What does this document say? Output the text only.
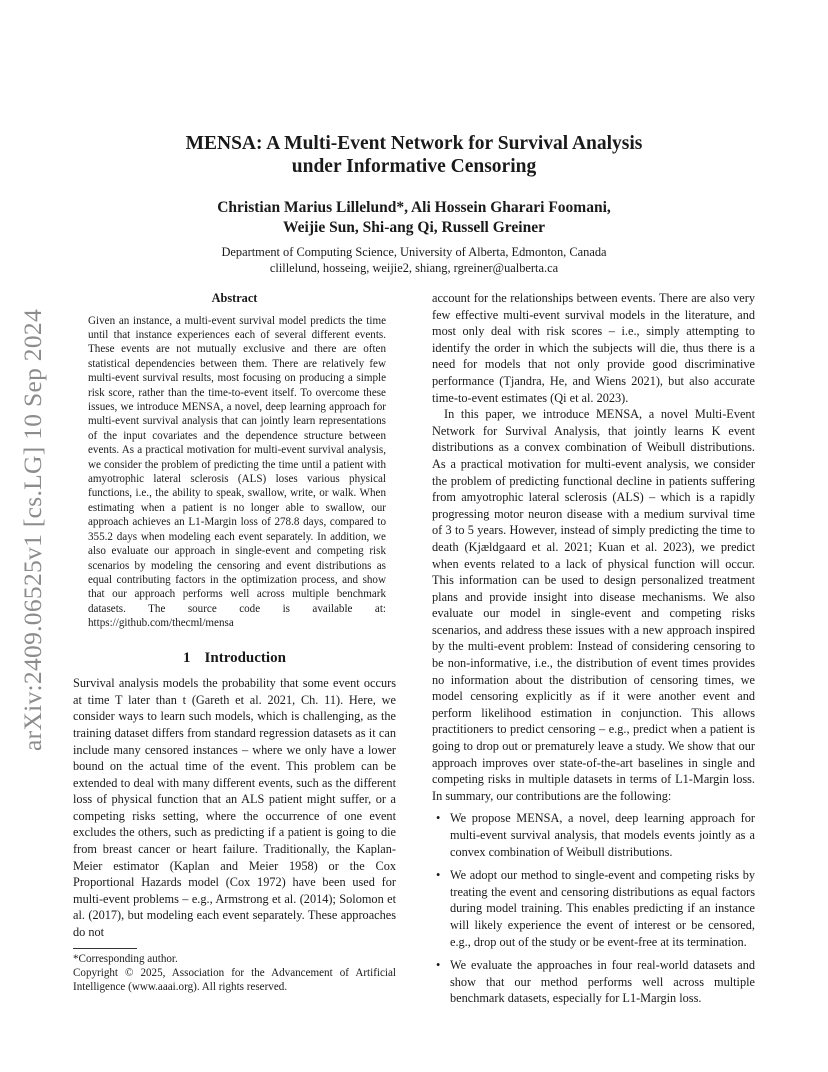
arXiv:2409.06525v1 [cs.LG] 10 Sep 2024
MENSA: A Multi-Event Network for Survival Analysis
under Informative Censoring
Christian Marius Lillelund*, Ali Hossein Gharari Foomani,
Weijie Sun, Shi-ang Qi, Russell Greiner
Department of Computing Science, University of Alberta, Edmonton, Canada
clillelund, hosseing, weijie2, shiang, rgreiner@ualberta.ca
Abstract

Given an instance, a multi-event survival model predicts the time until that instance experiences each of several different events. These events are not mutually exclusive and there are often statistical dependencies between them. There are relatively few multi-event survival results, most focusing on producing a simple risk score, rather than the time-to-event itself. To overcome these issues, we introduce MENSA, a novel, deep learning approach for multi-event survival analysis that can jointly learn representations of the input covariates and the dependence structure between events. As a practical motivation for multi-event survival analysis, we consider the problem of predicting the time until a patient with amyotrophic lateral sclerosis (ALS) loses various physical functions, i.e., the ability to speak, swallow, write, or walk. When estimating when a patient is no longer able to swallow, our approach achieves an L1-Margin loss of 278.8 days, compared to 355.2 days when modeling each event separately. In addition, we also evaluate our approach in single-event and competing risk scenarios by modeling the censoring and event distributions as equal contributing factors in the optimization process, and show that our approach performs well across multiple benchmark datasets. The source code is available at: https://github.com/thecml/mensa

1 Introduction

Survival analysis models the probability that some event occurs at time T later than t (Gareth et al. 2021, Ch. 11). Here, we consider ways to learn such models, which is challenging, as the training dataset differs from standard regression datasets as it can include many censored instances – where we only have a lower bound on the actual time of the event. This problem can be extended to deal with many different events, such as the different loss of physical function that an ALS patient might suffer, or a competing risks setting, where the occurrence of one event excludes the others, such as predicting if a patient is going to die from breast cancer or heart failure. Traditionally, the Kaplan-Meier estimator (Kaplan and Meier 1958) or the Cox Proportional Hazards model (Cox 1972) have been used for multi-event problems – e.g., Armstrong et al. (2014); Solomon et al. (2017), but modeling each event separately. These approaches do not

*Corresponding author.

Copyright © 2025, Association for the Advancement of Artificial Intelligence (www.aaai.org). All rights reserved.

account for the relationships between events. There are also very few effective multi-event survival models in the literature, and most only deal with risk scores – i.e., simply attempting to identify the order in which the subjects will die, thus there is a need for models that not only provide good discriminative performance (Tjandra, He, and Wiens 2021), but also accurate time-to-event estimates (Qi et al. 2023).

In this paper, we introduce MENSA, a novel Multi-Event Network for Survival Analysis, that jointly learns K event distributions as a convex combination of Weibull distributions. As a practical motivation for multi-event analysis, we consider the problem of predicting functional decline in patients suffering from amyotrophic lateral sclerosis (ALS) – which is a rapidly progressing motor neuron disease with a medium survival time of 3 to 5 years. However, instead of simply predicting the time to death (Kjældgaard et al. 2021; Kuan et al. 2023), we predict when events related to a lack of physical function will occur. This information can be used to design personalized treatment plans and provide insight into disease mechanisms. We also evaluate our model in single-event and competing risks scenarios, and address these issues with a new approach inspired by the multi-event problem: Instead of considering censoring to be non-informative, i.e., the distribution of event times provides no information about the distribution of censoring times, we model censoring explicitly as if it were another event and perform likelihood estimation in conjunction. This allows practitioners to predict censoring – e.g., predict when a patient is going to drop out or prematurely leave a study. We show that our approach improves over state-of-the-art baselines in single and competing risks in multiple datasets in terms of L1-Margin loss. In summary, our contributions are the following:

• We propose MENSA, a novel, deep learning approach for multi-event survival analysis, that models events jointly as a convex combination of Weibull distributions.
• We adopt our method to single-event and competing risks by treating the event and censoring distributions as equal factors during model training. This enables predicting if an instance will likely experience the event of interest or be censored, e.g., drop out of the study or be event-free at its termination.
• We evaluate the approaches in four real-world datasets and show that our method performs well across multiple benchmark datasets, especially for L1-Margin loss.
